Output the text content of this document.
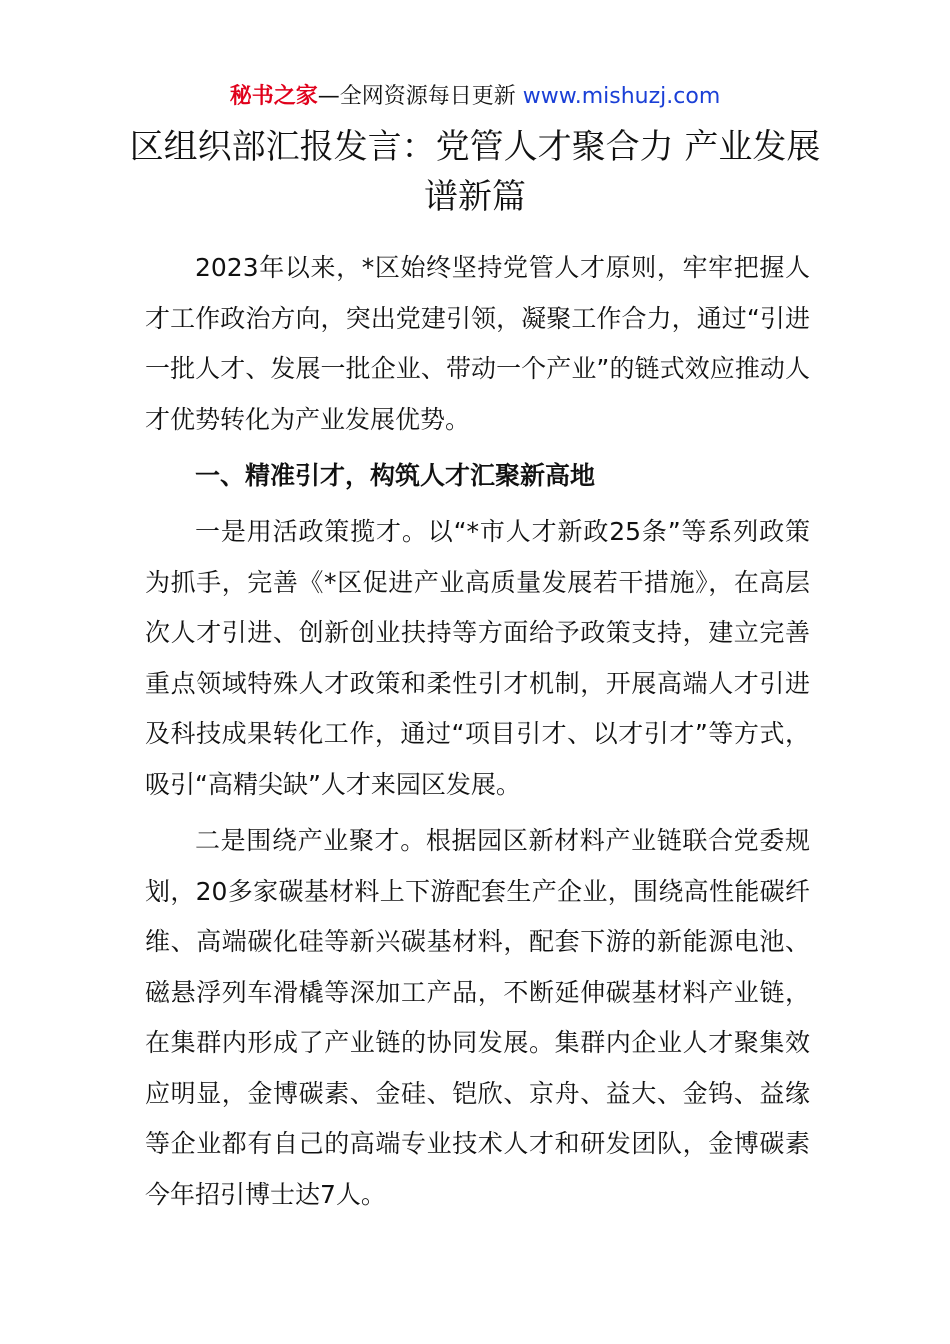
秘书之家—全网资源每日更新 www.mishuzj.com
区组织部汇报发言：党管人才聚合力 产业发展谱新篇

2023年以来，*区始终坚持党管人才原则，牢牢把握人才工作政治方向，突出党建引领，凝聚工作合力，通过“引进一批人才、发展一批企业、带动一个产业”的链式效应推动人才优势转化为产业发展优势。

一、精准引才，构筑人才汇聚新高地

一是用活政策揽才。以“*市人才新政25条”等系列政策为抓手，完善《*区促进产业高质量发展若干措施》，在高层次人才引进、创新创业扶持等方面给予政策支持，建立完善重点领域特殊人才政策和柔性引才机制，开展高端人才引进及科技成果转化工作，通过“项目引才、以才引才”等方式，吸引“高精尖缺”人才来园区发展。

二是围绕产业聚才。根据园区新材料产业链联合党委规划，20多家碳基材料上下游配套生产企业，围绕高性能碳纤维、高端碳化硅等新兴碳基材料，配套下游的新能源电池、磁悬浮列车滑橇等深加工产品，不断延伸碳基材料产业链，在集群内形成了产业链的协同发展。集群内企业人才聚集效应明显，金博碳素、金硅、铠欣、京舟、益大、金钨、益缘等企业都有自己的高端专业技术人才和研发团队，金博碳素今年招引博士达7人。
